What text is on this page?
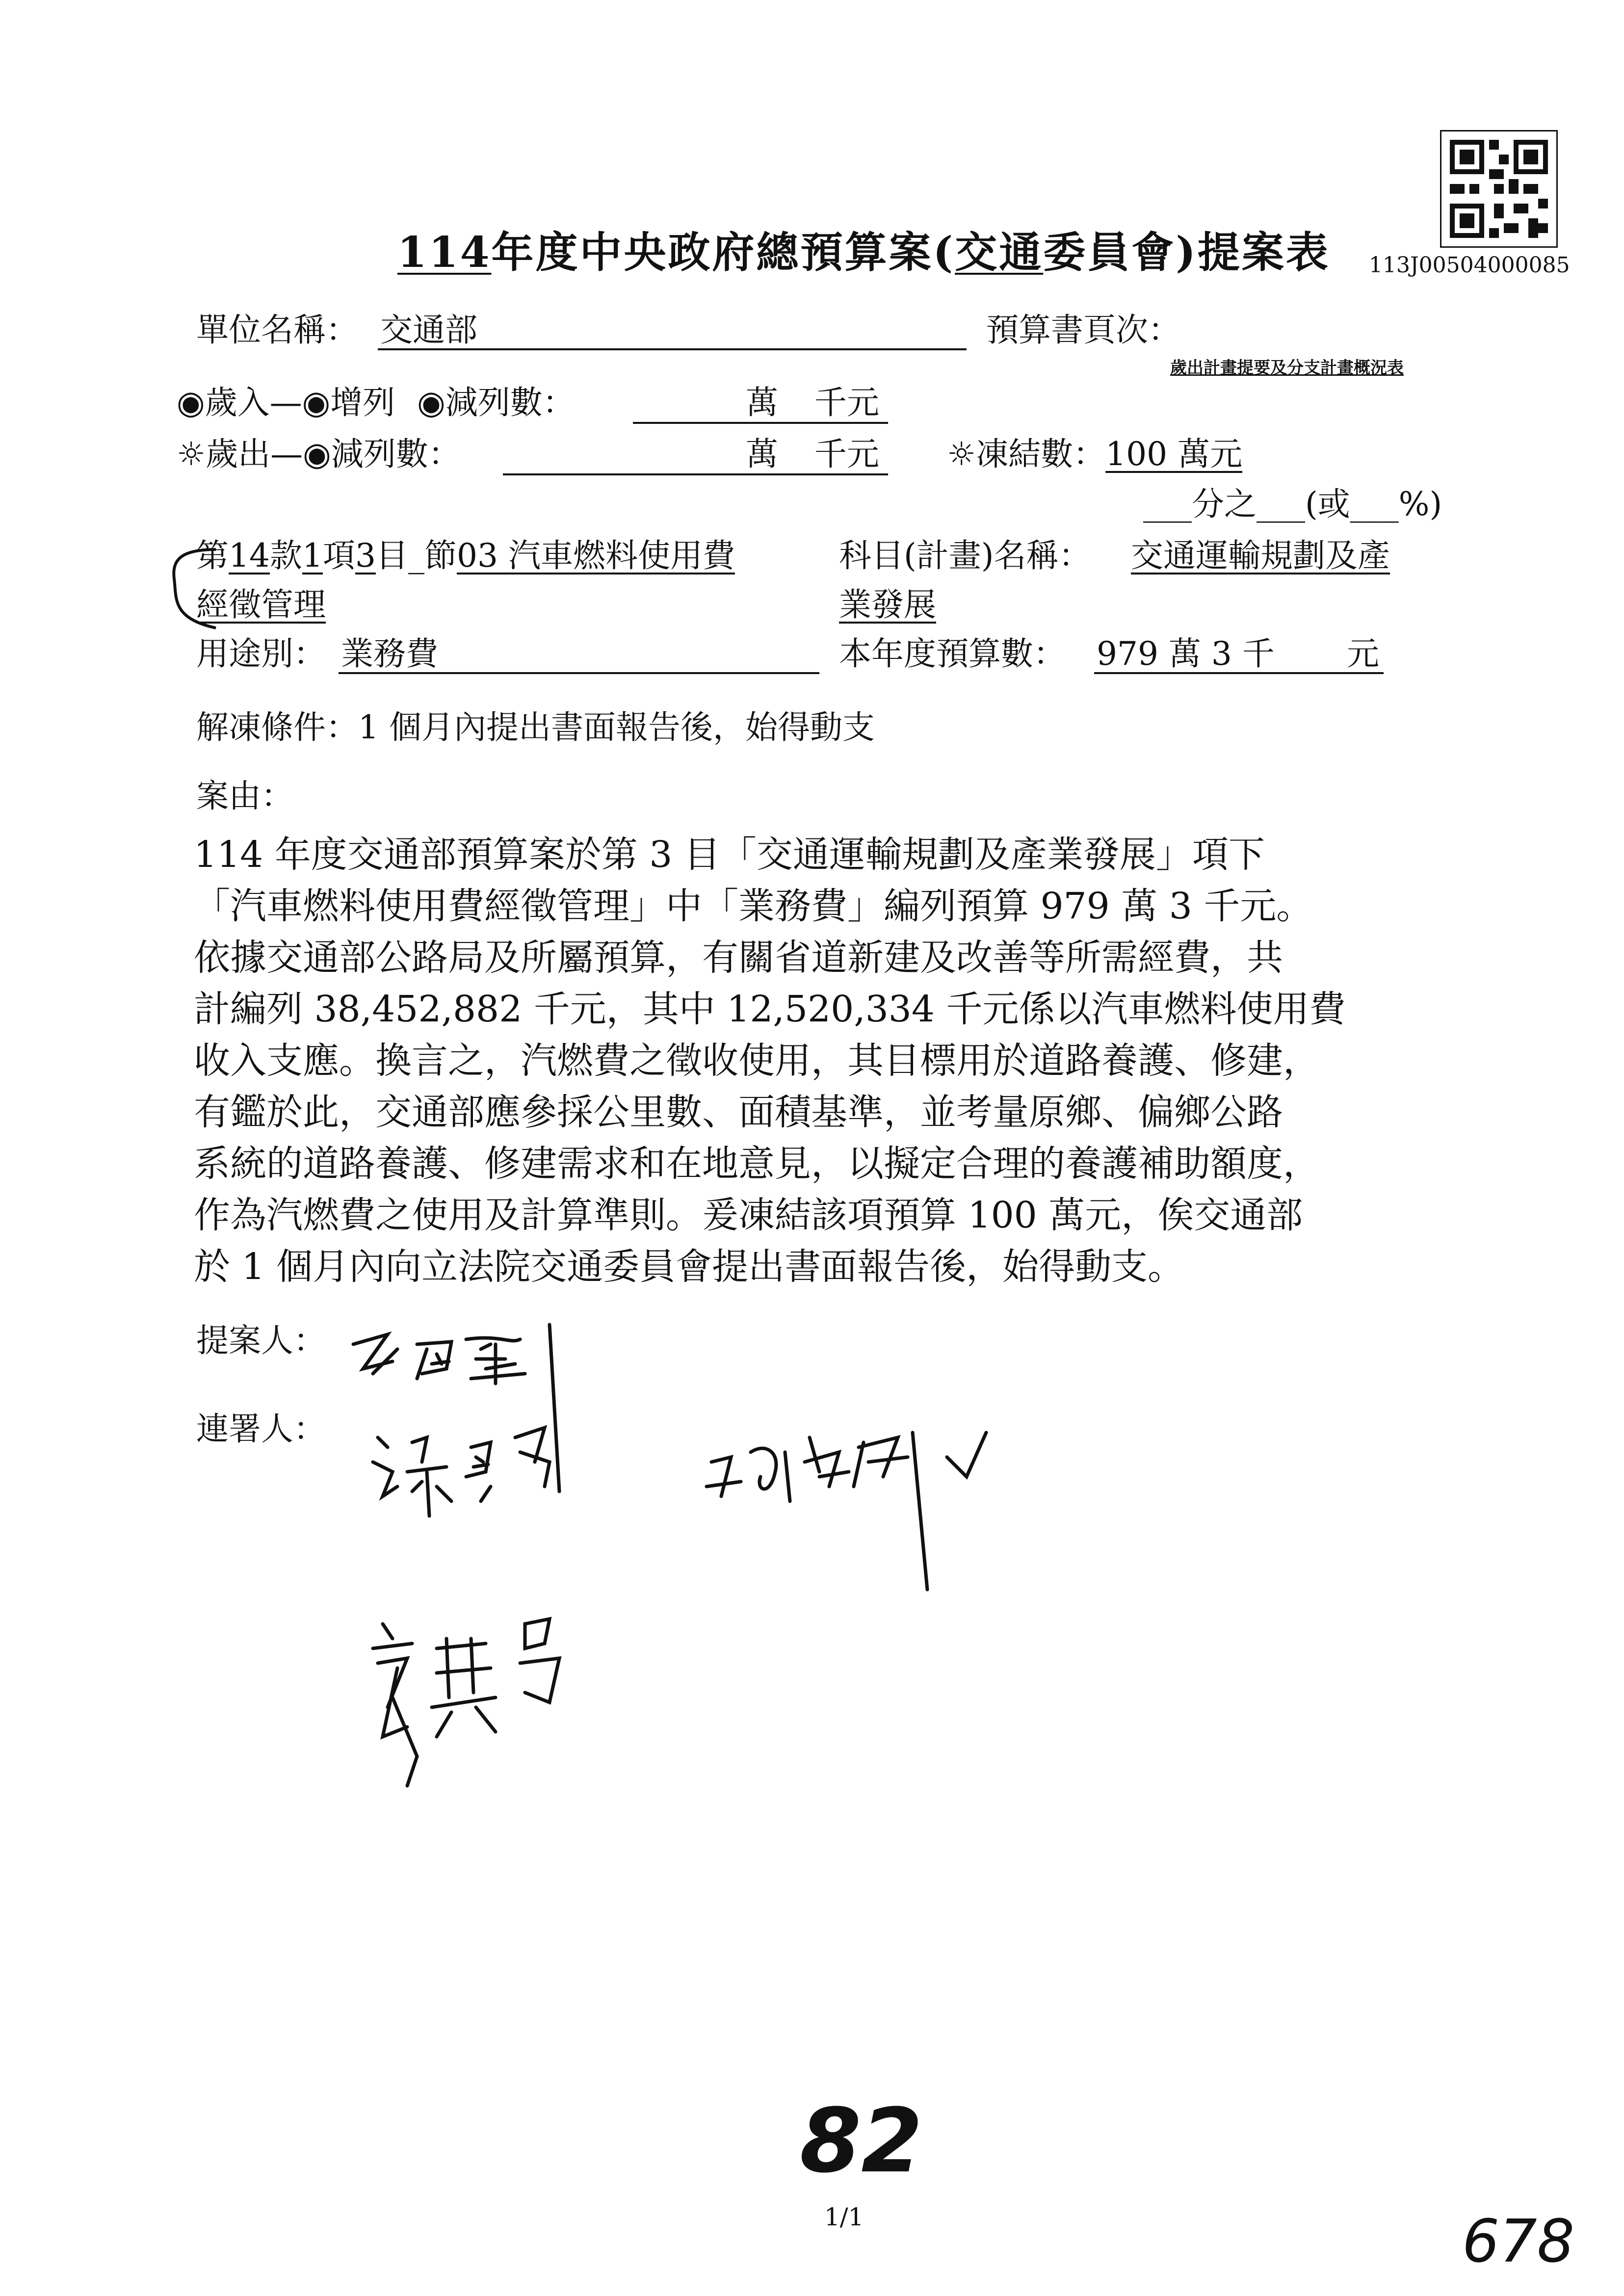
113J00504000085
114年度中央政府總預算案(交通委員會)提案表
單位名稱： 交通部	預算書頁次：
歲出計畫提要及分支計畫概況表
◉歲入—◉增列 ◉減列數：	萬 千元
☼歲出—◉減列數：	萬 千元 ☼凍結數：100 萬元
___分之___(或___%)
第14款1項3目_節03 汽車燃料使用費
經徵管理
科目(計畫)名稱： 交通運輸規劃及產
業發展
用途別： 業務費	本年度預算數： 979 萬 3 千 元
解凍條件：1 個月內提出書面報告後，始得動支
案由：

114 年度交通部預算案於第 3 目「交通運輸規劃及產業發展」項下

「汽車燃料使用費經徵管理」中「業務費」編列預算 979 萬 3 千元。

依據交通部公路局及所屬預算，有關省道新建及改善等所需經費，共

計編列 38,452,882 千元，其中 12,520,334 千元係以汽車燃料使用費

收入支應。換言之，汽燃費之徵收使用，其目標用於道路養護、修建，

有鑑於此，交通部應參採公里數、面積基準，並考量原鄉、偏鄉公路

系統的道路養護、修建需求和在地意見，以擬定合理的養護補助額度，

作為汽燃費之使用及計算準則。爰凍結該項預算 100 萬元，俟交通部

於 1 個月內向立法院交通委員會提出書面報告後，始得動支。

提案人：
連署人：
82
1/1	678
